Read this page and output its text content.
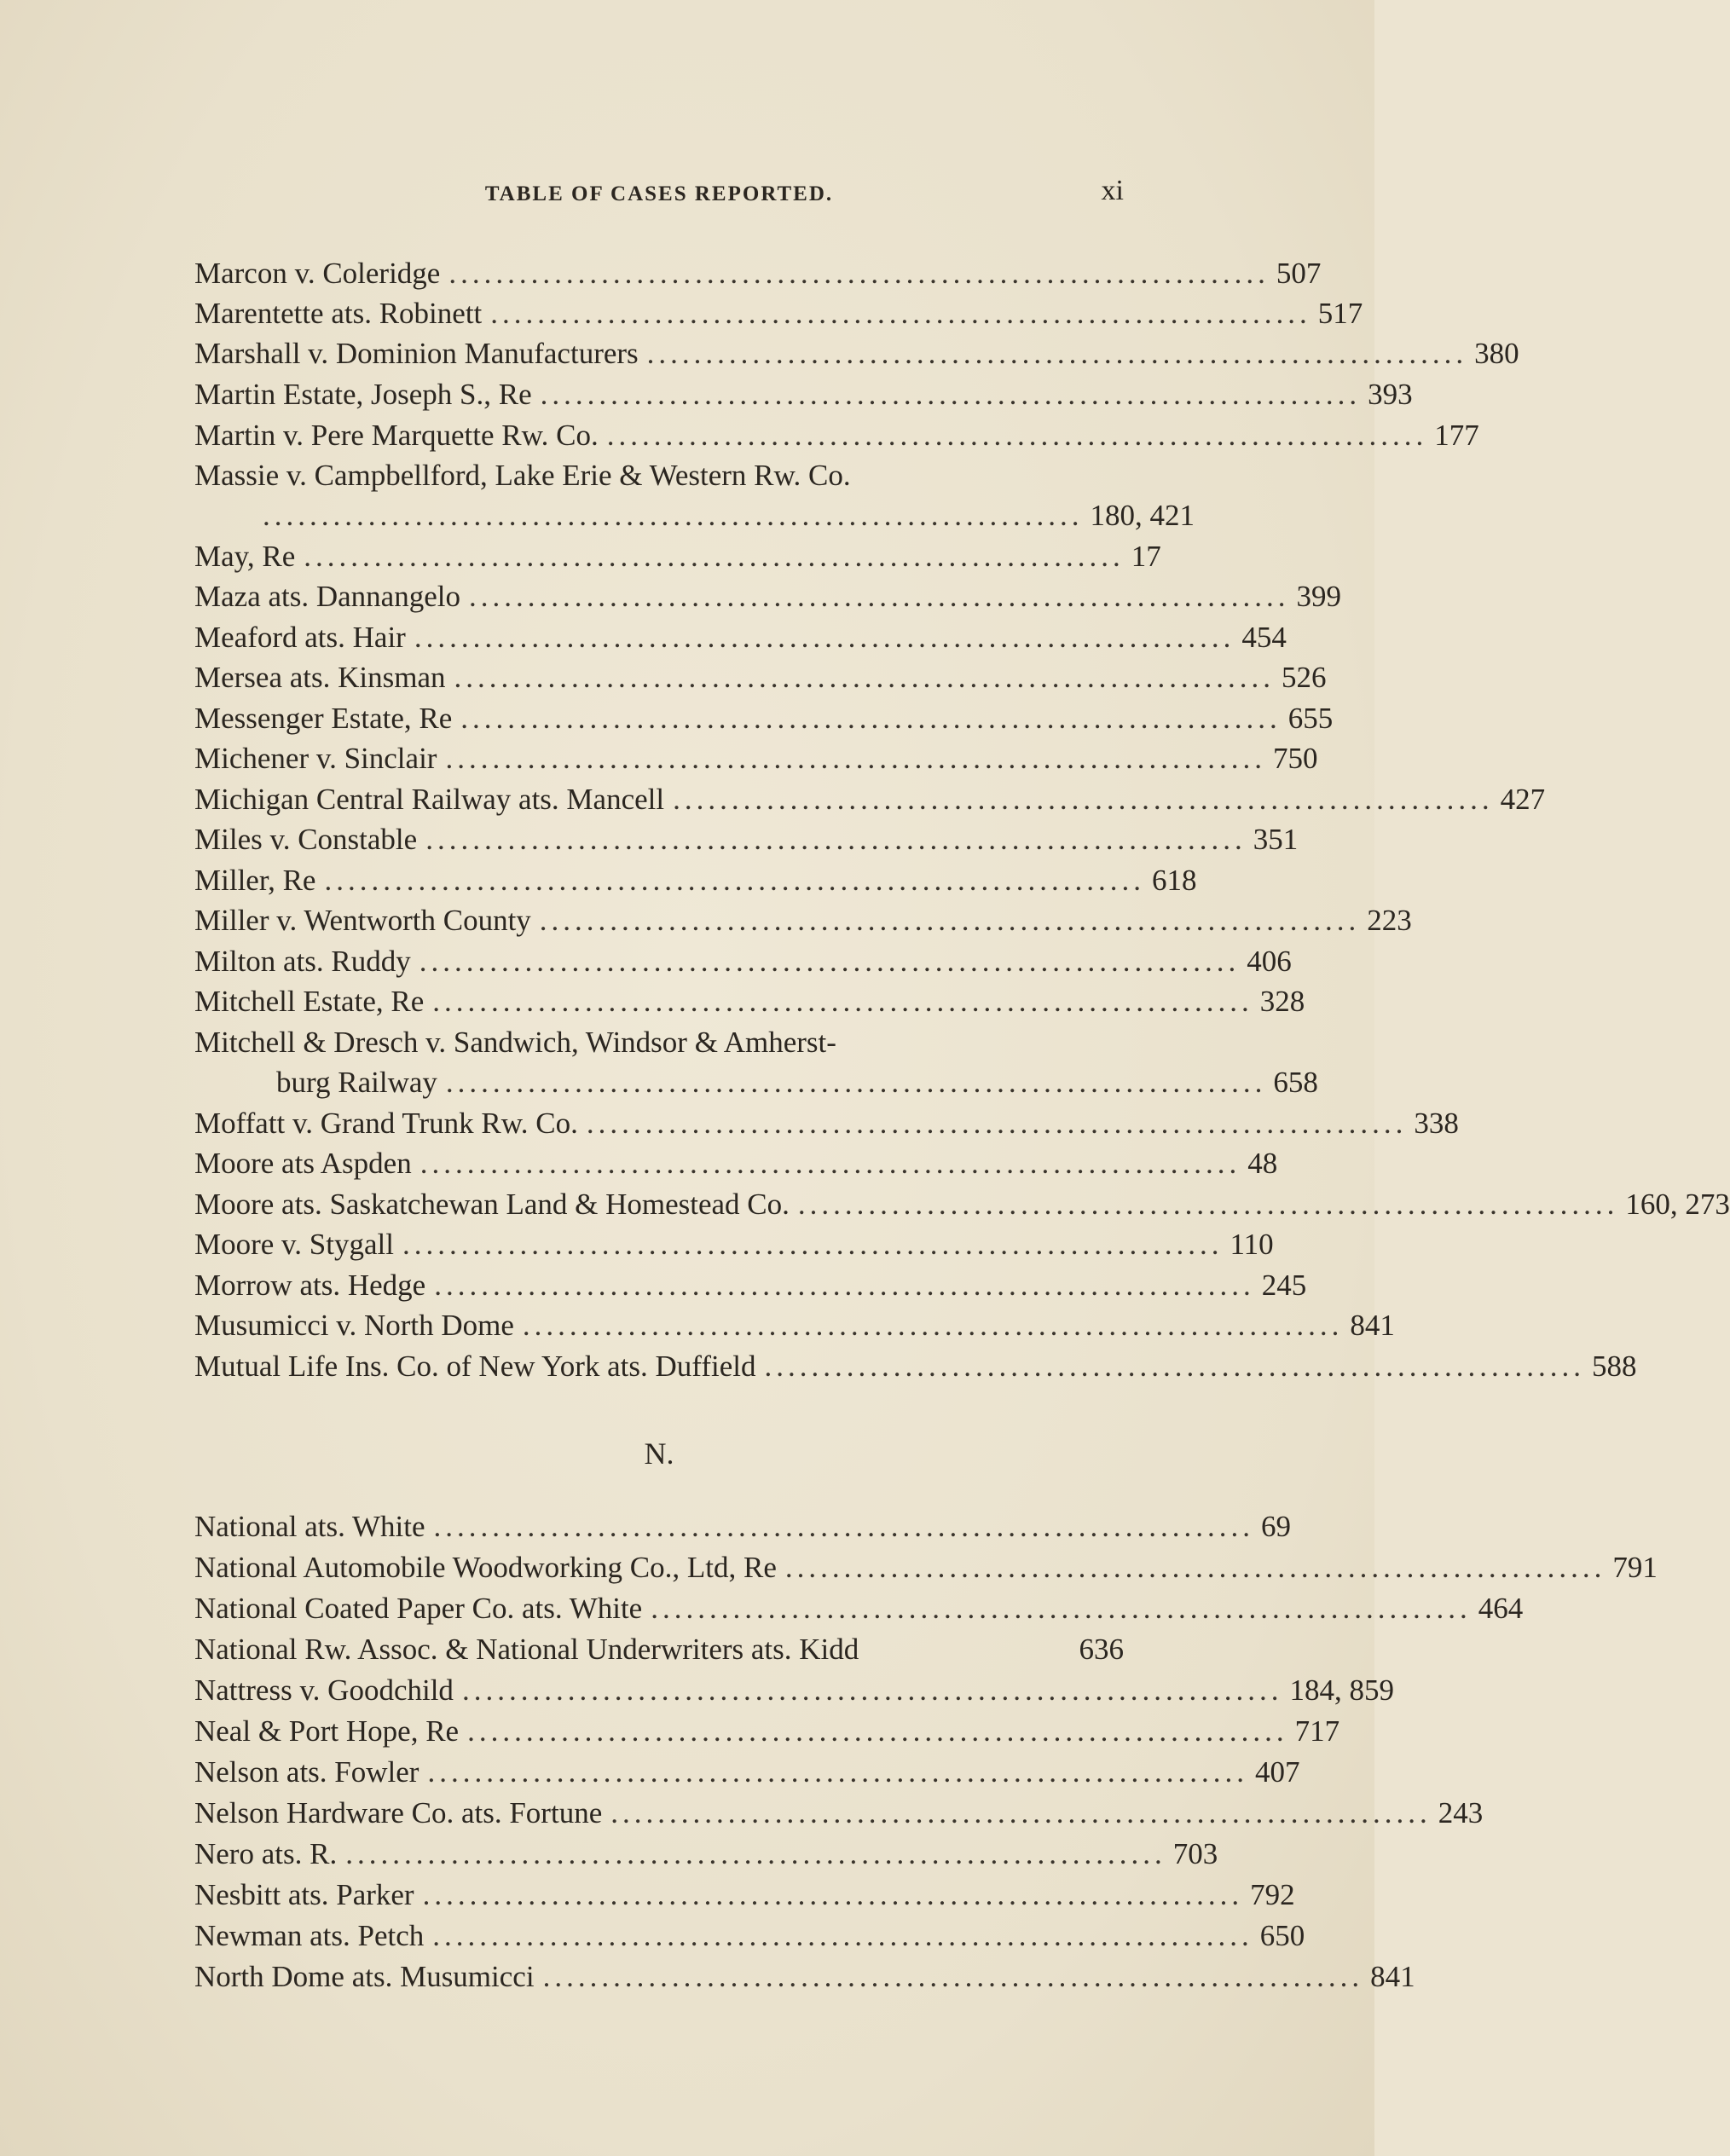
TABLE OF CASES REPORTED.	xi
Marcon v. Coleridge ...................................................................... 507
Marentette ats. Robinett ...................................................................... 517
Marshall v. Dominion Manufacturers ...................................................................... 380
Martin Estate, Joseph S., Re ...................................................................... 393
Martin v. Pere Marquette Rw. Co. ...................................................................... 177
Massie v. Campbellford, Lake Erie & Western Rw. Co.
...................................................................... 180, 421
May, Re ...................................................................... 17
Maza ats. Dannangelo ...................................................................... 399
Meaford ats. Hair ...................................................................... 454
Mersea ats. Kinsman ...................................................................... 526
Messenger Estate, Re ...................................................................... 655
Michener v. Sinclair ...................................................................... 750
Michigan Central Railway ats. Mancell ...................................................................... 427
Miles v. Constable ...................................................................... 351
Miller, Re ...................................................................... 618
Miller v. Wentworth County ...................................................................... 223
Milton ats. Ruddy ...................................................................... 406
Mitchell Estate, Re ...................................................................... 328
Mitchell & Dresch v. Sandwich, Windsor & Amherst-
burg Railway ...................................................................... 658
Moffatt v. Grand Trunk Rw. Co. ...................................................................... 338
Moore ats Aspden ...................................................................... 48
Moore ats. Saskatchewan Land & Homestead Co. ...................................................................... 160, 273
Moore v. Stygall ...................................................................... 110
Morrow ats. Hedge ...................................................................... 245
Musumicci v. North Dome ...................................................................... 841
Mutual Life Ins. Co. of New York ats. Duffield ...................................................................... 588
N.
National ats. White ...................................................................... 69
National Automobile Woodworking Co., Ltd, Re ...................................................................... 791
National Coated Paper Co. ats. White ...................................................................... 464
National Rw. Assoc. & National Underwriters ats. Kidd	636
Nattress v. Goodchild ...................................................................... 184, 859
Neal & Port Hope, Re ...................................................................... 717
Nelson ats. Fowler ...................................................................... 407
Nelson Hardware Co. ats. Fortune ...................................................................... 243
Nero ats. R. ...................................................................... 703
Nesbitt ats. Parker ...................................................................... 792
Newman ats. Petch ...................................................................... 650
North Dome ats. Musumicci ...................................................................... 841
